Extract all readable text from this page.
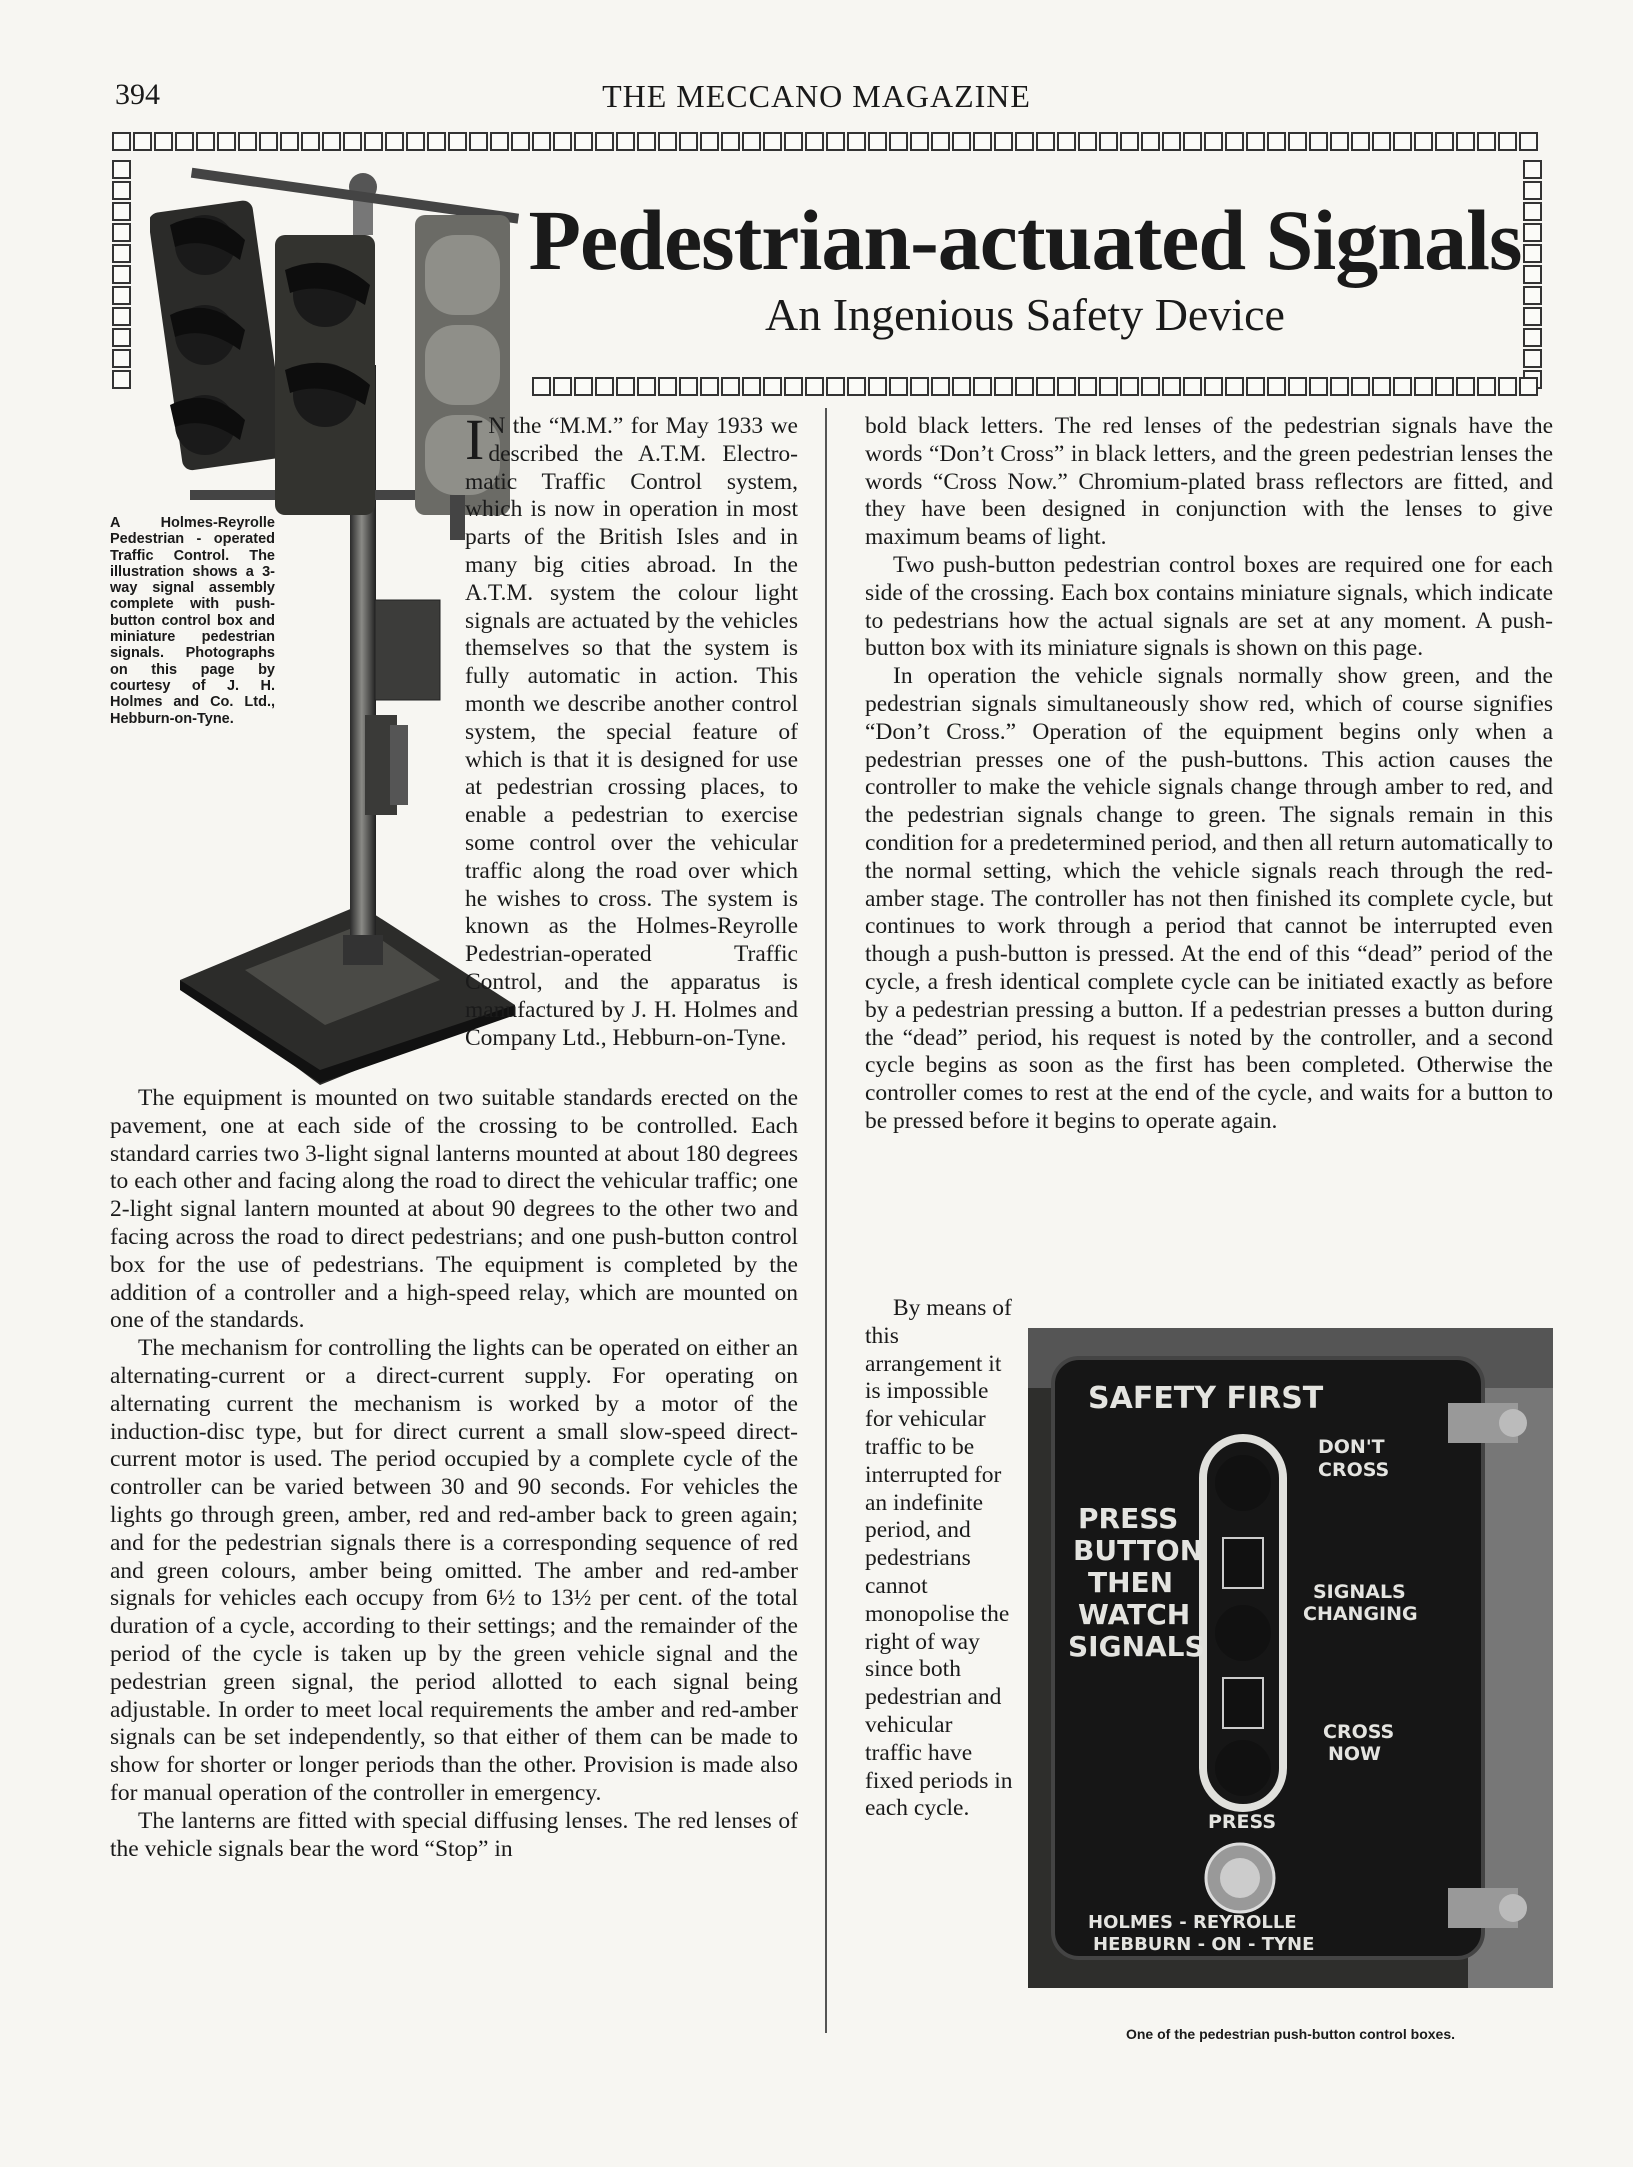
394	THE MECCANO MAGAZINE
Pedestrian-actuated Signals
An Ingenious Safety Device
A Holmes-Reyrolle Pedestrian - operated Traffic Control. The illustration shows a 3-way signal assembly complete with push-button control box and miniature pedestrian signals. Photographs on this page by courtesy of J. H. Holmes and Co. Ltd., Hebburn-on-Tyne.
I N the “M.M.” for May 1933 we described the A.T.M. Electro-matic Traffic Control system, which is now in operation in most parts of the British Isles and in many big cities abroad. In the A.T.M. system the colour light signals are actuated by the vehicles themselves so that the system is fully automatic in action. This month we describe another control system, the special feature of which is that it is designed for use at pedestrian crossing places, to enable a pedestrian to exercise some control over the vehicular traffic along the road over which he wishes to cross. The system is known as the Holmes-Reyrolle Pedestrian-operated Traffic Control, and the apparatus is manufactured by J. H. Holmes and Company Ltd., Hebburn-on-Tyne.

The equipment is mounted on two suitable standards erected on the pavement, one at each side of the crossing to be controlled. Each standard carries two 3-light signal lanterns mounted at about 180 degrees to each other and facing along the road to direct the vehicular traffic; one 2-light signal lantern mounted at about 90 degrees to the other two and facing across the road to direct pedestrians; and one push-button control box for the use of pedestrians. The equipment is completed by the addition of a controller and a high-speed relay, which are mounted on one of the standards.

The mechanism for controlling the lights can be operated on either an alternating-current or a direct-current supply. For operating on alternating current the mechanism is worked by a motor of the induction-disc type, but for direct current a small slow-speed direct-current motor is used. The period occupied by a complete cycle of the controller can be varied between 30 and 90 seconds. For vehicles the lights go through green, amber, red and red-amber back to green again; and for the pedestrian signals there is a corresponding sequence of red and green colours, amber being omitted. The amber and red-amber signals for vehicles each occupy from 6½ to 13½ per cent. of the total duration of a cycle, according to their settings; and the remainder of the period of the cycle is taken up by the green vehicle signal and the pedestrian green signal, the period allotted to each signal being adjustable. In order to meet local requirements the amber and red-amber signals can be set independently, so that either of them can be made to show for shorter or longer periods than the other. Provision is made also for manual operation of the controller in emergency.

The lanterns are fitted with special diffusing lenses. The red lenses of the vehicle signals bear the word “Stop” in

bold black letters. The red lenses of the pedestrian signals have the words “Don’t Cross” in black letters, and the green pedestrian lenses the words “Cross Now.” Chromium-plated brass reflectors are fitted, and they have been designed in conjunction with the lenses to give maximum beams of light.

Two push-button pedestrian control boxes are required one for each side of the crossing. Each box contains miniature signals, which indicate to pedestrians how the actual signals are set at any moment. A push-button box with its miniature signals is shown on this page.

In operation the vehicle signals normally show green, and the pedestrian signals simultaneously show red, which of course signifies “Don’t Cross.” Operation of the equipment begins only when a pedestrian presses one of the push-buttons. This action causes the controller to make the vehicle signals change through amber to red, and the pedestrian signals change to green. The signals remain in this condition for a predetermined period, and then all return automatically to the normal setting, which the vehicle signals reach through the red-amber stage. The controller has not then finished its complete cycle, but continues to work through a period that cannot be interrupted even though a push-button is pressed. At the end of this “dead” period of the cycle, a fresh identical complete cycle can be initiated exactly as before by a pedestrian pressing a button. If a pedestrian presses a button during the “dead” period, his request is noted by the controller, and a second cycle begins as soon as the first has been completed. Otherwise the controller comes to rest at the end of the cycle, and waits for a button to be pressed before it begins to operate again.

By means of this arrangement it is impossible for vehicular traffic to be interrupted for an indefinite period, and pedestrians cannot monopolise the right of way since both pedestrian and vehicular traffic have fixed periods in each cycle.

SAFETY FIRST
PRESS
BUTTON
THEN
WATCH
SIGNALS
DON'T
CROSS
SIGNALS
CHANGING
CROSS
NOW
PRESS
HOLMES - REYROLLE
HEBBURN - ON - TYNE
One of the pedestrian push-button control boxes.
